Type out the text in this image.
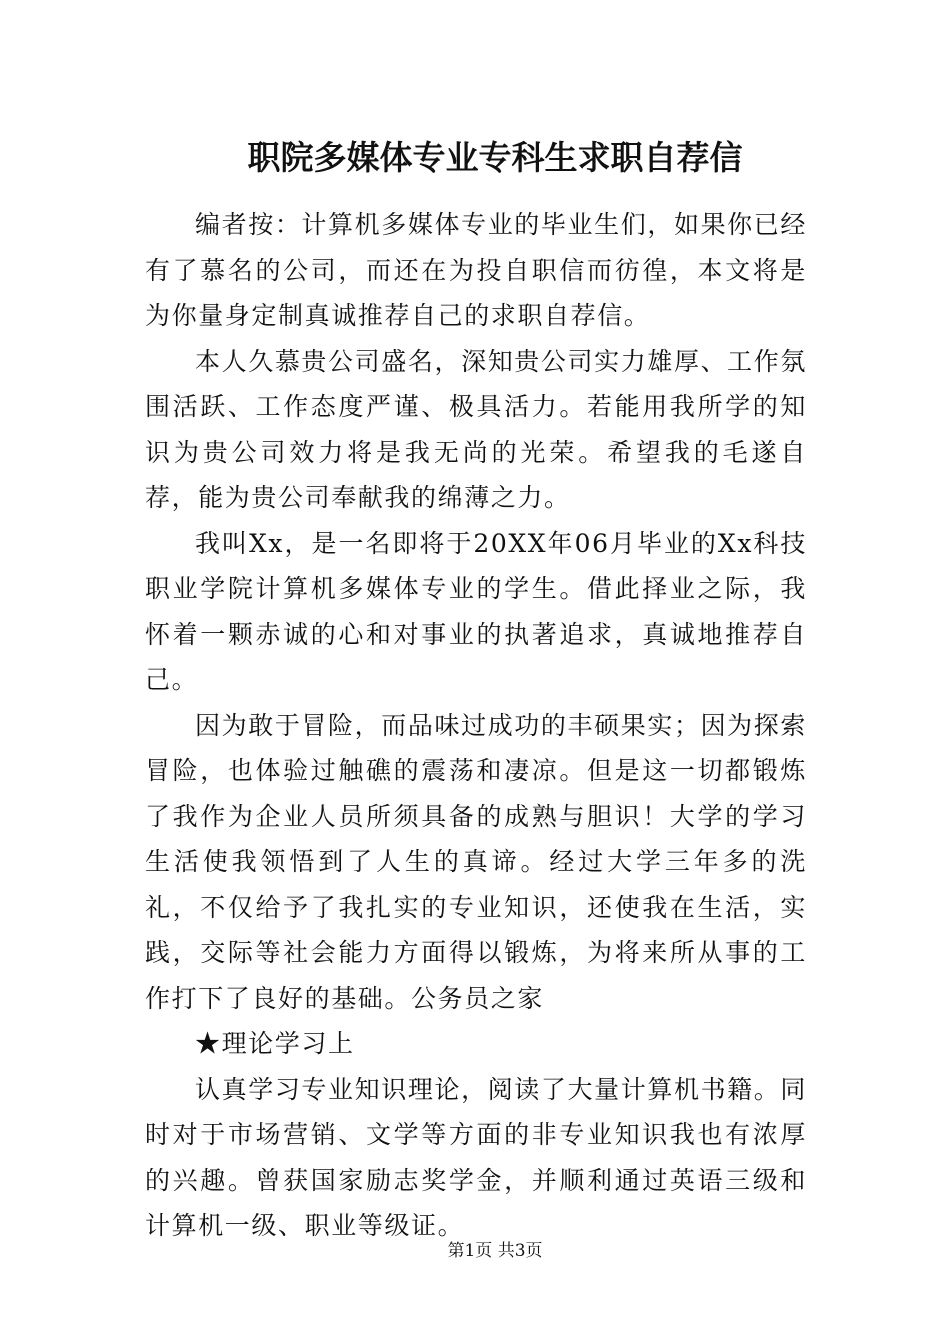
职院多媒体专业专科生求职自荐信

编者按：计算机多媒体专业的毕业生们，如果你已经有了慕名的公司，而还在为投自职信而彷徨，本文将是为你量身定制真诚推荐自己的求职自荐信。

本人久慕贵公司盛名，深知贵公司实力雄厚、工作氛围活跃、工作态度严谨、极具活力。若能用我所学的知识为贵公司效力将是我无尚的光荣。希望我的毛遂自荐，能为贵公司奉献我的绵薄之力。

我叫Xx，是一名即将于20XX年06月毕业的Xx科技职业学院计算机多媒体专业的学生。借此择业之际，我怀着一颗赤诚的心和对事业的执著追求，真诚地推荐自己。

因为敢于冒险，而品味过成功的丰硕果实；因为探索冒险，也体验过触礁的震荡和凄凉。但是这一切都锻炼了我作为企业人员所须具备的成熟与胆识！大学的学习生活使我领悟到了人生的真谛。经过大学三年多的洗礼，不仅给予了我扎实的专业知识，还使我在生活，实践，交际等社会能力方面得以锻炼，为将来所从事的工作打下了良好的基础。公务员之家

★理论学习上

认真学习专业知识理论，阅读了大量计算机书籍。同时对于市场营销、文学等方面的非专业知识我也有浓厚的兴趣。曾获国家励志奖学金，并顺利通过英语三级和计算机一级、职业等级证。

第1页 共3页
